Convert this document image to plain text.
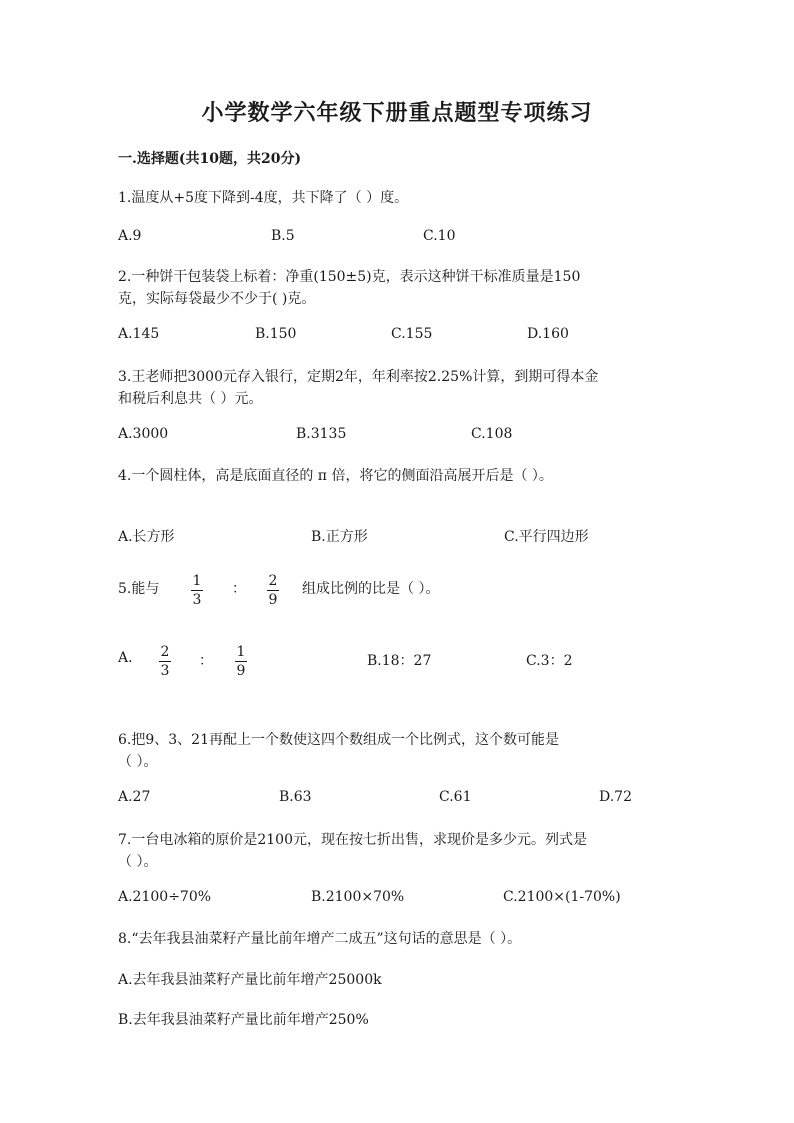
小学数学六年级下册重点题型专项练习
一.选择题(共10题，共20分)
1.温度从+5度下降到-4度，共下降了（ ）度。
A.9	B.5	C.10
2.一种饼干包装袋上标着：净重(150±5)克，表示这种饼干标准质量是150
克，实际每袋最少不少于( )克。
A.145	B.150	C.155	D.160
3.王老师把3000元存入银行，定期2年，年利率按2.25%计算，到期可得本金
和税后利息共（ ）元。
A.3000	B.3135	C.108
4.一个圆柱体，高是底面直径的 π 倍，将它的侧面沿高展开后是（ ）。
A.长方形	B.正方形	C.平行四边形
5.能与 1
3
： 2
9
组成比例的比是（ ）。
A. 2
3
：
1
9
B.18：27	C.3：2
6.把9、3、21再配上一个数使这四个数组成一个比例式，这个数可能是
（ ）。
A.27	B.63	C.61	D.72
7.一台电冰箱的原价是2100元，现在按七折出售，求现价是多少元。列式是
（ ）。
A.2100÷70%	B.2100×70%	C.2100×(1-70%)
8.“去年我县油菜籽产量比前年增产二成五”这句话的意思是（ ）。
A.去年我县油菜籽产量比前年增产25000k
B.去年我县油菜籽产量比前年增产250%
